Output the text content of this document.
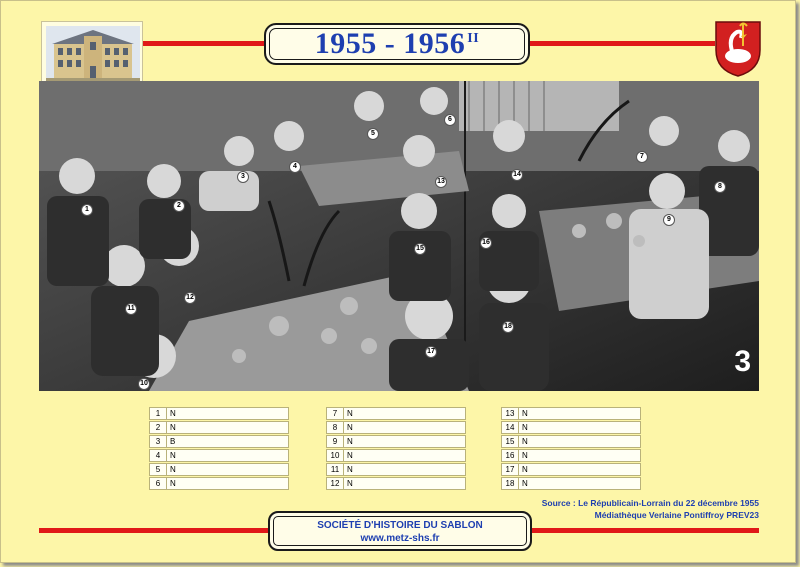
1955 - 1956 $^{II}$
1
2
3
4
5
6
7
8
9
10
11
12
13
14
15
16
17
18
3
1	N
2	N
3	B
4	N
5	N
6	N
7	N
8	N
9	N
10 N
11 N
12 N
13 N
14 N
15 N
16 N
17 N
18 N
Source : Le Républicain-Lorrain du 22 décembre 1955
Médiathèque Verlaine Pontiffroy PREV23
SOCIÉTÉ D'HISTOIRE DU SABLON
www.metz-shs.fr
